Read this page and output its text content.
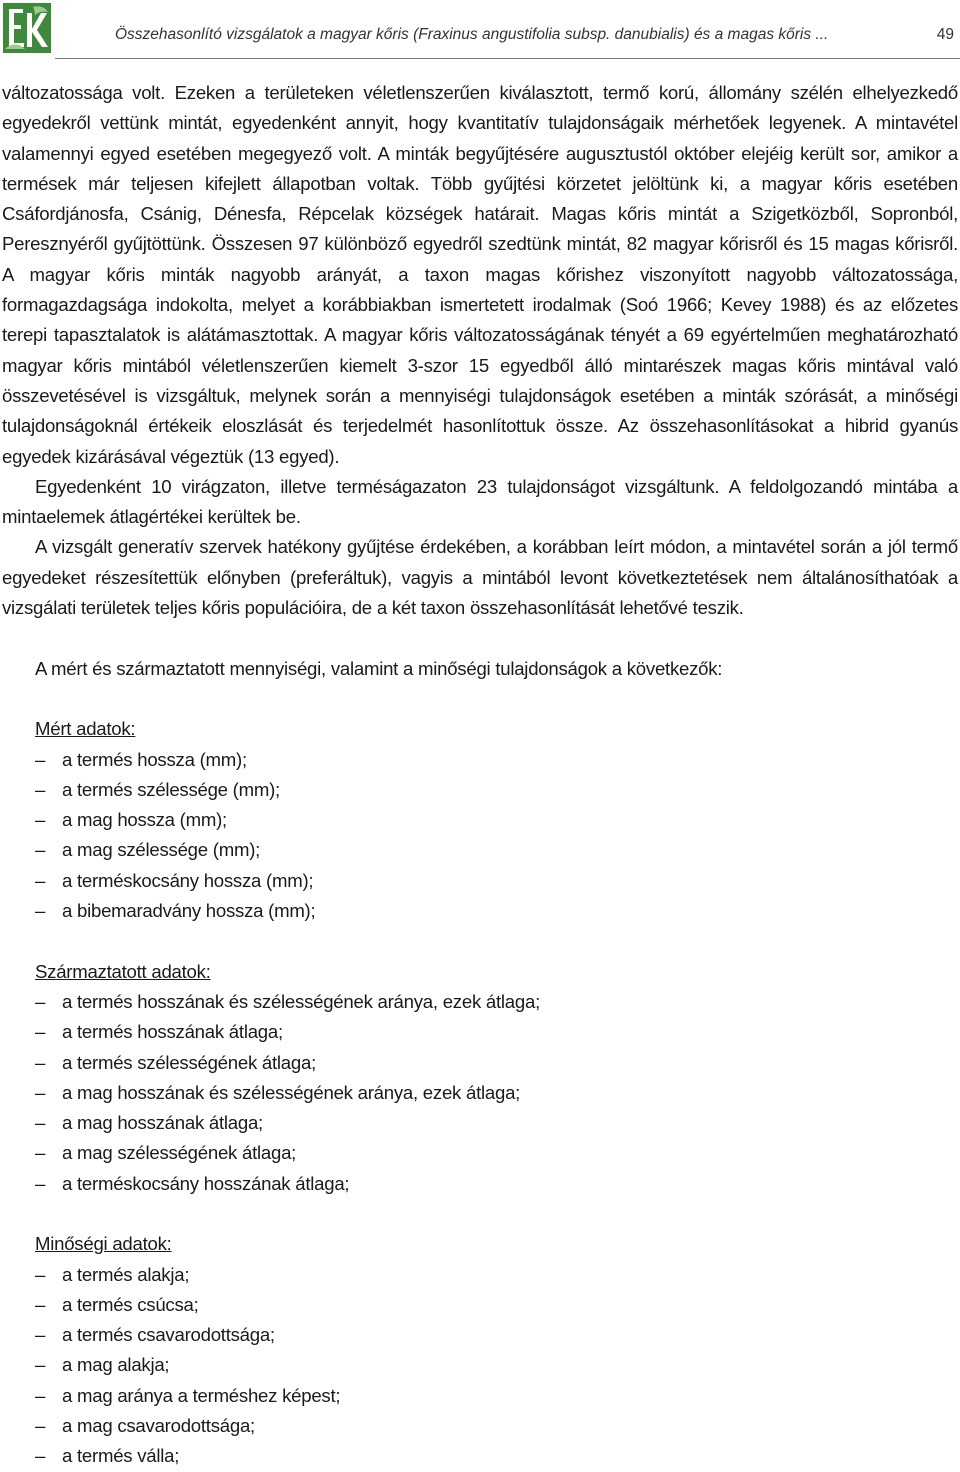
Összehasonlító vizsgálatok a magyar kőris (Fraxinus angustifolia subsp. danubialis) és a magas kőris ...	49

változatossága volt. Ezeken a területeken véletlenszerűen kiválasztott, termő korú, állomány szélén elhelyezkedő egyedekről vettünk mintát, egyedenként annyit, hogy kvantitatív tulajdonságaik mérhetőek legyenek. A mintavétel valamennyi egyed esetében megegyező volt. A minták begyűjtésére augusztustól október elejéig került sor, amikor a termések már teljesen kifejlett állapotban voltak. Több gyűjtési körzetet jelöltünk ki, a magyar kőris esetében Csáfordjánosfa, Csánig, Dénesfa, Répcelak községek határait. Magas kőris mintát a Szigetközből, Sopronból, Peresznyéről gyűjtöttünk. Összesen 97 különböző egyedről szedtünk mintát, 82 magyar kőrisről és 15 magas kőrisről. A magyar kőris minták nagyobb arányát, a taxon magas kőrishez viszonyított nagyobb változatossága, formagazdagsága indokolta, melyet a korábbiakban ismertetett irodalmak (Soó 1966; Kevey 1988) és az előzetes terepi tapasztalatok is alátámasztottak. A magyar kőris változatosságának tényét a 69 egyértelműen meghatározható magyar kőris mintából véletlenszerűen kiemelt 3-szor 15 egyedből álló mintarészek magas kőris mintával való összevetésével is vizsgáltuk, melynek során a mennyiségi tulajdonságok esetében a minták szórását, a minőségi tulajdonságoknál értékeik eloszlását és terjedelmét hasonlítottuk össze. Az összehasonlításokat a hibrid gyanús egyedek kizárásával végeztük (13 egyed).

Egyedenként 10 virágzaton, illetve terméságazaton 23 tulajdonságot vizsgáltunk. A feldolgozandó mintába a mintaelemek átlagértékei kerültek be.

A vizsgált generatív szervek hatékony gyűjtése érdekében, a korábban leírt módon, a mintavétel során a jól termő egyedeket részesítettük előnyben (preferáltuk), vagyis a mintából levont következtetések nem általánosíthatóak a vizsgálati területek teljes kőris populációira, de a két taxon összehasonlítását lehetővé teszik.

A mért és származtatott mennyiségi, valamint a minőségi tulajdonságok a következők:

Mért adatok:

– a termés hossza (mm);
– a termés szélessége (mm);
– a mag hossza (mm);
– a mag szélessége (mm);
– a terméskocsány hossza (mm);
– a bibemaradvány hossza (mm);

Származtatott adatok:

– a termés hosszának és szélességének aránya, ezek átlaga;
– a termés hosszának átlaga;
– a termés szélességének átlaga;
– a mag hosszának és szélességének aránya, ezek átlaga;
– a mag hosszának átlaga;
– a mag szélességének átlaga;
– a terméskocsány hosszának átlaga;

Minőségi adatok:

– a termés alakja;
– a termés csúcsa;
– a termés csavarodottsága;
– a mag alakja;
– a mag aránya a terméshez képest;
– a mag csavarodottsága;
– a termés válla;
